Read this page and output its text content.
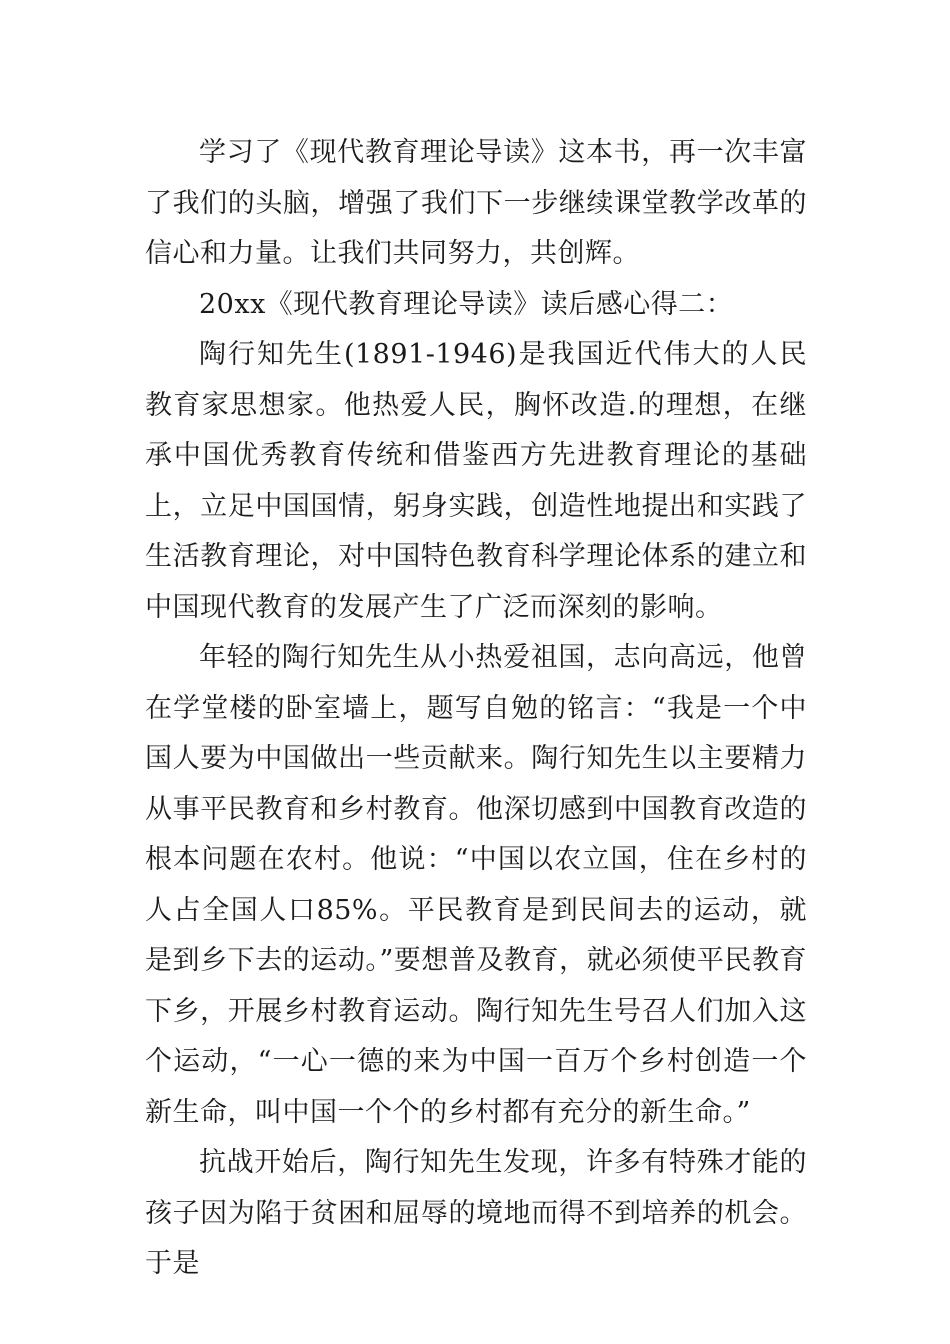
学习了《现代教育理论导读》这本书，再一次丰富了我们的头脑，增强了我们下一步继续课堂教学改革的信心和力量。让我们共同努力，共创辉。

20xx《现代教育理论导读》读后感心得二：

陶行知先生(1891-1946)是我国近代伟大的人民教育家思想家。他热爱人民，胸怀改造.的理想，在继承中国优秀教育传统和借鉴西方先进教育理论的基础上，立足中国国情，躬身实践，创造性地提出和实践了生活教育理论，对中国特色教育科学理论体系的建立和中国现代教育的发展产生了广泛而深刻的影响。

年轻的陶行知先生从小热爱祖国，志向高远，他曾在学堂楼的卧室墙上，题写自勉的铭言：“我是一个中国人要为中国做出一些贡献来。陶行知先生以主要精力从事平民教育和乡村教育。他深切感到中国教育改造的根本问题在农村。他说：“中国以农立国，住在乡村的人占全国人口85%。平民教育是到民间去的运动，就是到乡下去的运动。”要想普及教育，就必须使平民教育下乡，开展乡村教育运动。陶行知先生号召人们加入这个运动，“一心一德的来为中国一百万个乡村创造一个新生命，叫中国一个个的乡村都有充分的新生命。”

抗战开始后，陶行知先生发现，许多有特殊才能的孩子因为陷于贫困和屈辱的境地而得不到培养的机会。于是
